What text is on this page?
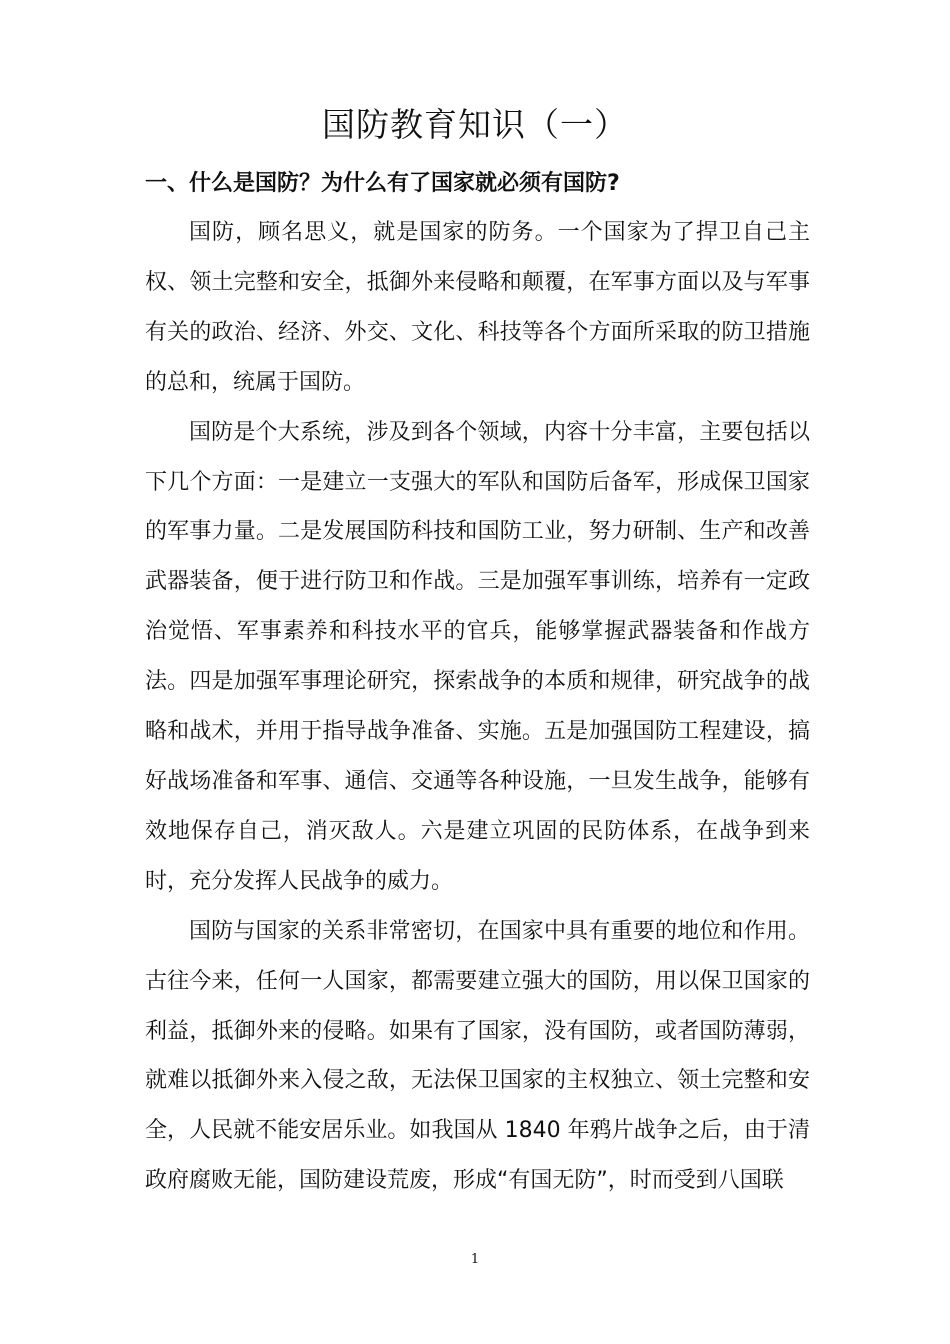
国防教育知识（一）
一、什么是国防？为什么有了国家就必须有国防?

国防，顾名思义，就是国家的防务。一个国家为了捍卫自己主权、领土完整和安全，抵御外来侵略和颠覆，在军事方面以及与军事有关的政治、经济、外交、文化、科技等各个方面所采取的防卫措施的总和，统属于国防。

国防是个大系统，涉及到各个领域，内容十分丰富，主要包括以下几个方面：一是建立一支强大的军队和国防后备军，形成保卫国家的军事力量。二是发展国防科技和国防工业，努力研制、生产和改善武器装备，便于进行防卫和作战。三是加强军事训练，培养有一定政治觉悟、军事素养和科技水平的官兵，能够掌握武器装备和作战方法。四是加强军事理论研究，探索战争的本质和规律，研究战争的战略和战术，并用于指导战争准备、实施。五是加强国防工程建设，搞好战场准备和军事、通信、交通等各种设施，一旦发生战争，能够有效地保存自己，消灭敌人。六是建立巩固的民防体系，在战争到来时，充分发挥人民战争的威力。

国防与国家的关系非常密切，在国家中具有重要的地位和作用。古往今来，任何一人国家，都需要建立强大的国防，用以保卫国家的利益，抵御外来的侵略。如果有了国家，没有国防，或者国防薄弱，就难以抵御外来入侵之敌，无法保卫国家的主权独立、领土完整和安全，人民就不能安居乐业。如我国从 1840 年鸦片战争之后，由于清政府腐败无能，国防建设荒废，形成“有国无防”，时而受到八国联

1
